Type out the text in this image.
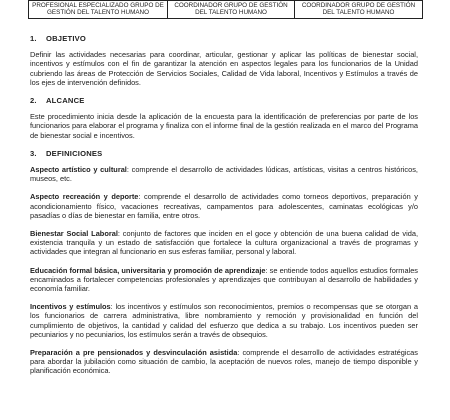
PROFESIONAL ESPECIALIZADO GRUPO DE GESTIÓN DEL TALENTO HUMANO	COORDINADOR GRUPO DE GESTIÓN DEL TALENTO HUMANO	COORDINADOR GRUPO DE GESTIÓN DEL TALENTO HUMANO
1. OBJETIVO

Definir las actividades necesarias para coordinar, articular, gestionar y aplicar las políticas de bienestar social, incentivos y estímulos con el fin de garantizar la atención en aspectos legales para los funcionarios de la Unidad cubriendo las áreas de Protección de Servicios Sociales, Calidad de Vida laboral, Incentivos y Estímulos a través de los ejes de intervención definidos.

2. ALCANCE

Este procedimiento inicia desde la aplicación de la encuesta para la identificación de preferencias por parte de los funcionarios para elaborar el programa y finaliza con el informe final de la gestión realizada en el marco del Programa de bienestar social e incentivos.

3. DEFINICIONES

Aspecto artístico y cultural: comprende el desarrollo de actividades lúdicas, artísticas, visitas a centros históricos, museos, etc.

Aspecto recreación y deporte: comprende el desarrollo de actividades como torneos deportivos, preparación y acondicionamiento físico, vacaciones recreativas, campamentos para adolescentes, caminatas ecológicas y/o pasadías o días de bienestar en familia, entre otros.

Bienestar Social Laboral: conjunto de factores que inciden en el goce y obtención de una buena calidad de vida, existencia tranquila y un estado de satisfacción que fortalece la cultura organizacional a través de programas y actividades que integran al funcionario en sus esferas familiar, personal y laboral.

Educación formal básica, universitaria y promoción de aprendizaje: se entiende todos aquellos estudios formales encaminados a fortalecer competencias profesionales y aprendizajes que contribuyan al desarrollo de habilidades y economía familiar.

Incentivos y estímulos: los incentivos y estímulos son reconocimientos, premios o recompensas que se otorgan a los funcionarios de carrera administrativa, libre nombramiento y remoción y provisionalidad en función del cumplimiento de objetivos, la cantidad y calidad del esfuerzo que dedica a su trabajo. Los incentivos pueden ser pecuniarios y no pecuniarios, los estímulos serán a través de obsequios.

Preparación a pre pensionados y desvinculación asistida: comprende el desarrollo de actividades estratégicas para abordar la jubilación como situación de cambio, la aceptación de nuevos roles, manejo de tiempo disponible y planificación económica.
